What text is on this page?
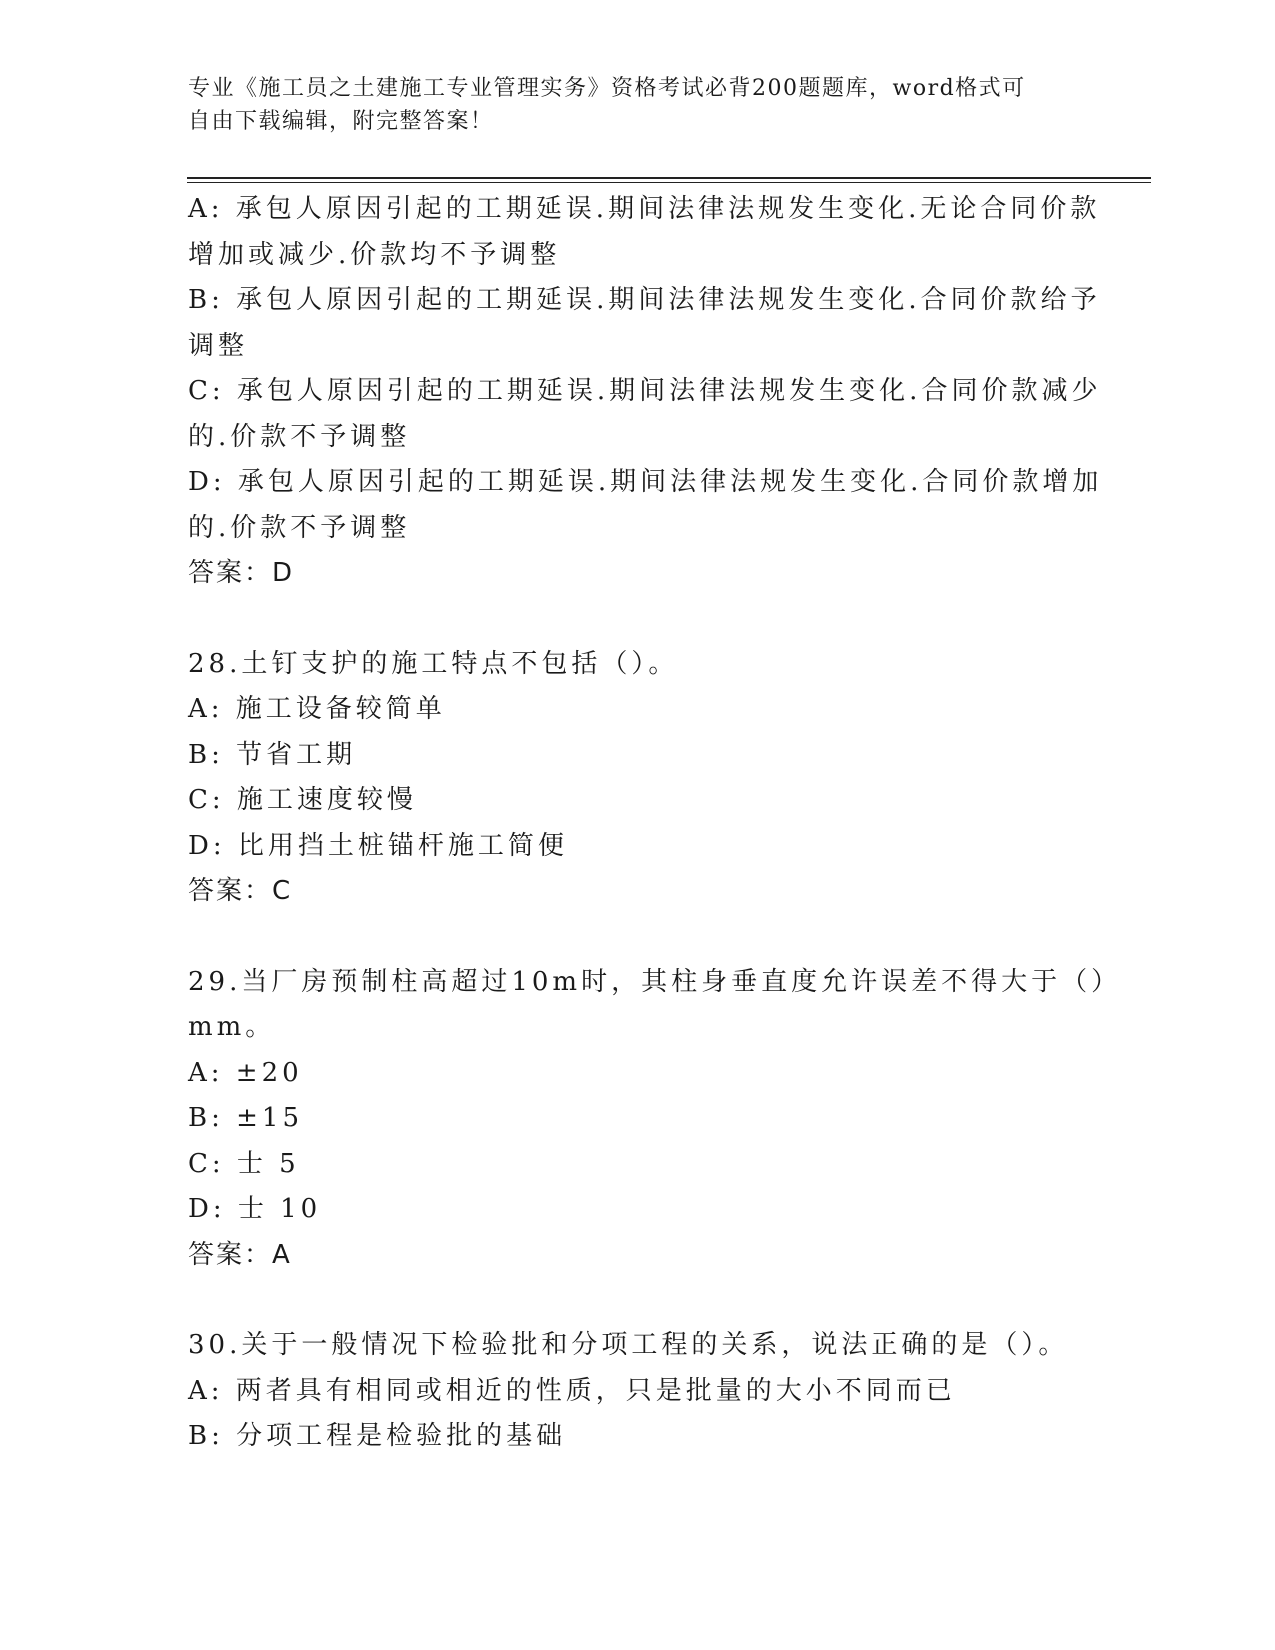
专业《施工员之土建施工专业管理实务》资格考试必背200题题库，word格式可
自由下载编辑，附完整答案！
A: 承包人原因引起的工期延误.期间法律法规发生变化.无论合同价款
增加或减少.价款均不予调整
B: 承包人原因引起的工期延误.期间法律法规发生变化.合同价款给予
调整
C: 承包人原因引起的工期延误.期间法律法规发生变化.合同价款减少
的.价款不予调整
D: 承包人原因引起的工期延误.期间法律法规发生变化.合同价款增加
的.价款不予调整
答案：D
28.土钉支护的施工特点不包括（）。
A: 施工设备较简单
B: 节省工期
C: 施工速度较慢
D: 比用挡土桩锚杆施工简便
答案：C
29.当厂房预制柱高超过10m时，其柱身垂直度允许误差不得大于（）
mm。
A: ±20
B: ±15
C: 士 5
D: 士 10
答案：A
30.关于一般情况下检验批和分项工程的关系，说法正确的是（）。
A: 两者具有相同或相近的性质，只是批量的大小不同而已
B: 分项工程是检验批的基础
